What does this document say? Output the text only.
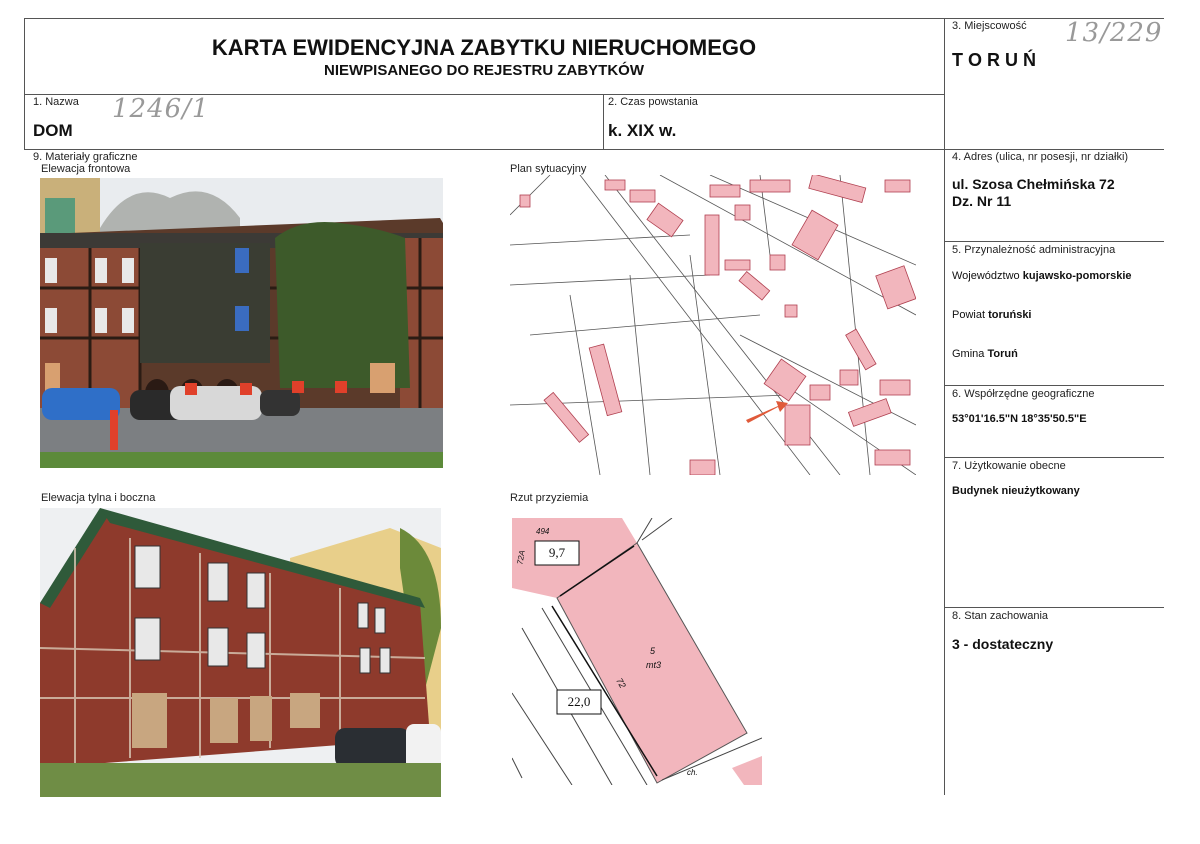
KARTA EWIDENCYJNA ZABYTKU NIERUCHOMEGO
NIEWPISANEGO DO REJESTRU ZABYTKÓW
1. Nazwa 1246/1
DOM
2. Czas powstania
k. XIX w.
3. Miejscowość 13/229
T O R U Ń
4. Adres (ulica, nr posesji, nr działki)
ul. Szosa Chełmińska 72
Dz. Nr 11
5. Przynależność administracyjna
Województwo kujawsko-pomorskie
Powiat toruński
Gmina Toruń
6. Współrzędne geograficzne
53°01'16.5"N 18°35'50.5"E
7. Użytkowanie obecne
Budynek nieużytkowany
8. Stan zachowania
3 - dostateczny
9. Materiały graficzne
Elewacja frontowa	Plan sytuacyjny
Elewacja tylna i boczna	Rzut przyziemia
9,7
22,0
5
mt3
72
72A
494
ch.
